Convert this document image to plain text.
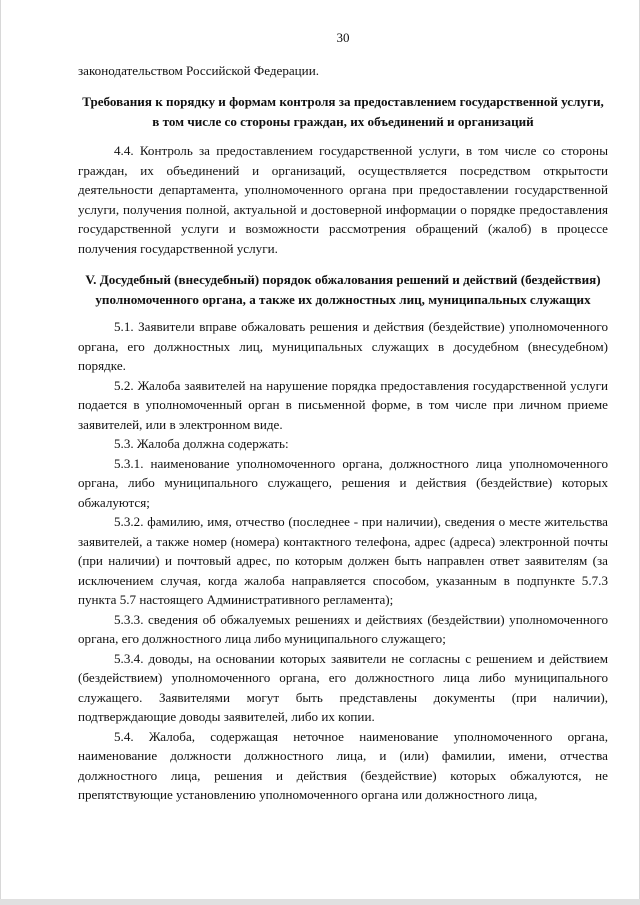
30

законодательством Российской Федерации.

Требования к порядку и формам контроля за предоставлением государственной услуги, в том числе со стороны граждан, их объединений и организаций

4.4. Контроль за предоставлением государственной услуги, в том числе со стороны граждан, их объединений и организаций, осуществляется посредством открытости деятельности департамента, уполномоченного органа при предоставлении государственной услуги, получения полной, актуальной и достоверной информации о порядке предоставления государственной услуги и возможности рассмотрения обращений (жалоб) в процессе получения государственной услуги.

V. Досудебный (внесудебный) порядок обжалования решений и действий (бездействия) уполномоченного органа, а также их должностных лиц, муниципальных служащих

5.1. Заявители вправе обжаловать решения и действия (бездействие) уполномоченного органа, его должностных лиц, муниципальных служащих в досудебном (внесудебном) порядке.

5.2. Жалоба заявителей на нарушение порядка предоставления государственной услуги подается в уполномоченный орган в письменной форме, в том числе при личном приеме заявителей, или в электронном виде.

5.3. Жалоба должна содержать:

5.3.1. наименование уполномоченного органа, должностного лица уполномоченного органа, либо муниципального служащего, решения и действия (бездействие) которых обжалуются;

5.3.2. фамилию, имя, отчество (последнее - при наличии), сведения о месте жительства заявителей, а также номер (номера) контактного телефона, адрес (адреса) электронной почты (при наличии) и почтовый адрес, по которым должен быть направлен ответ заявителям (за исключением случая, когда жалоба направляется способом, указанным в подпункте 5.7.3 пункта 5.7 настоящего Административного регламента);

5.3.3. сведения об обжалуемых решениях и действиях (бездействии) уполномоченного органа, его должностного лица либо муниципального служащего;

5.3.4. доводы, на основании которых заявители не согласны с решением и действием (бездействием) уполномоченного органа, его должностного лица либо муниципального служащего. Заявителями могут быть представлены документы (при наличии), подтверждающие доводы заявителей, либо их копии.

5.4. Жалоба, содержащая неточное наименование уполномоченного органа, наименование должности должностного лица, и (или) фамилии, имени, отчества должностного лица, решения и действия (бездействие) которых обжалуются, не препятствующие установлению уполномоченного органа или должностного лица,
